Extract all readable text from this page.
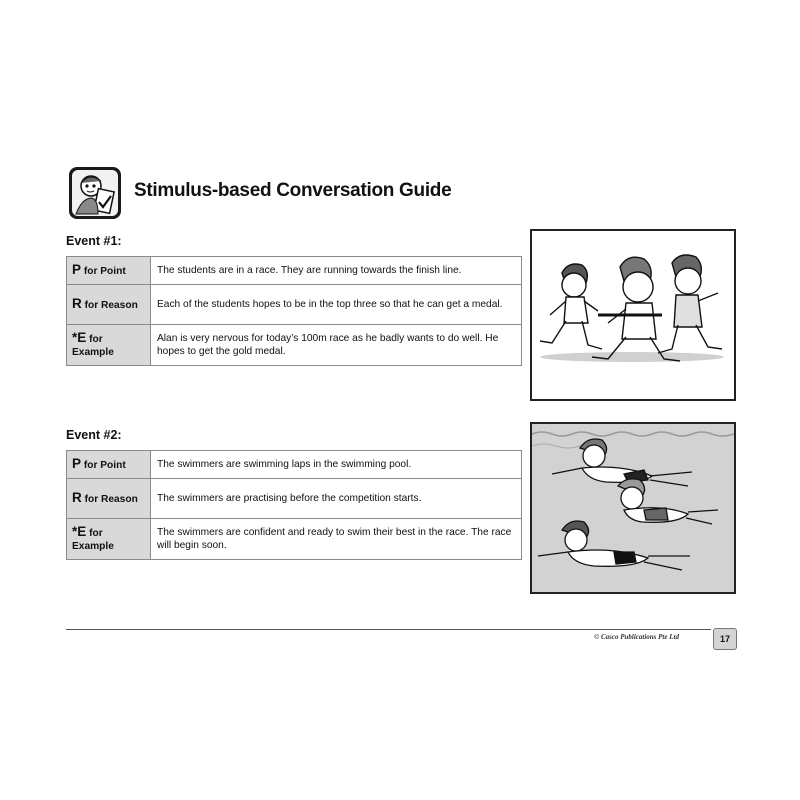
Stimulus-based Conversation Guide
Event #1:
P for Point	The students are in a race. They are running towards the finish line.
R for Reason	Each of the students hopes to be in the top three so that he can get a medal.
*E for Example	Alan is very nervous for today’s 100m race as he badly wants to do well. He hopes to get the gold medal.
Event #2:
P for Point	The swimmers are swimming laps in the swimming pool.
R for Reason	The swimmers are practising before the competition starts.
*E for Example	The swimmers are confident and ready to swim their best in the race. The race will begin soon.
© Casco Publications Pte Ltd	17
